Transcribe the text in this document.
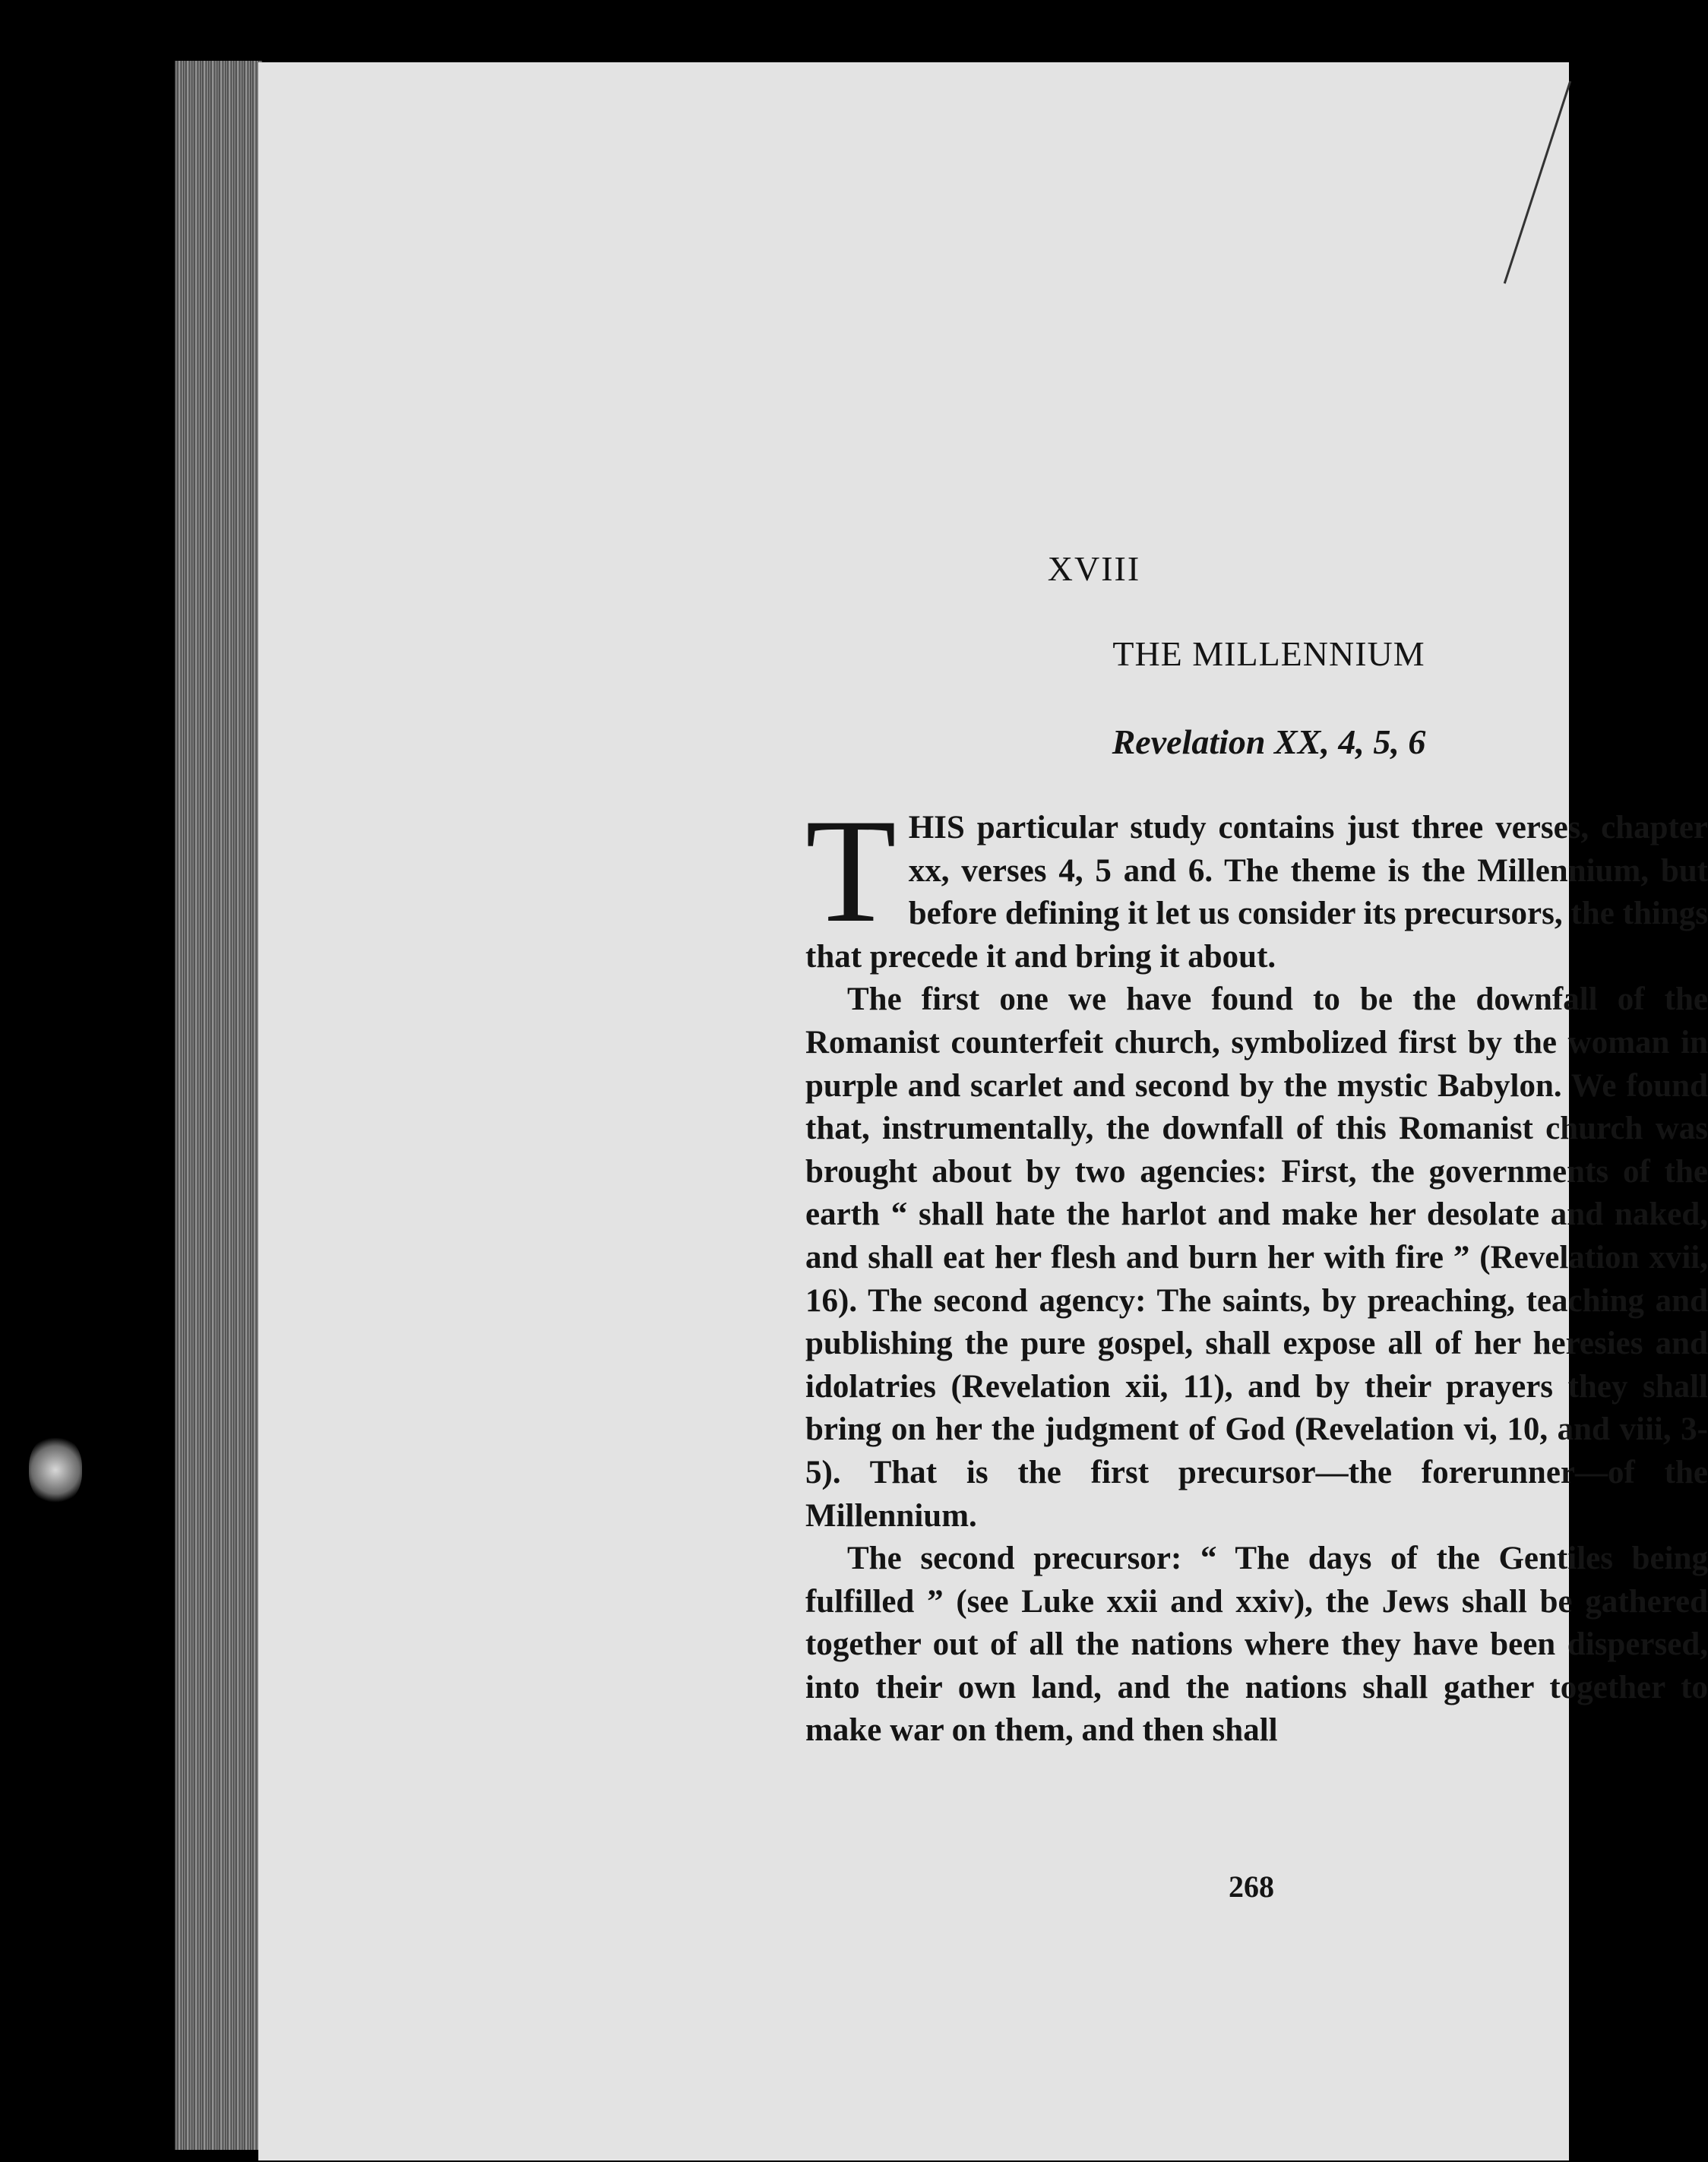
XVIII
THE MILLENNIUM
Revelation XX, 4, 5, 6

T HIS particular study contains just three verses, chapter xx, verses 4, 5 and 6. The theme is the Millennium, but before defining it let us consider its precursors, the things that precede it and bring it about.

The first one we have found to be the downfall of the Romanist counterfeit church, symbolized first by the woman in purple and scarlet and second by the mystic Babylon. We found that, instrumentally, the downfall of this Romanist church was brought about by two agencies: First, the governments of the earth “ shall hate the harlot and make her desolate and naked, and shall eat her flesh and burn her with fire ” (Revelation xvii, 16). The second agency: The saints, by preaching, teaching and publishing the pure gospel, shall expose all of her heresies and idolatries (Revelation xii, 11), and by their prayers they shall bring on her the judgment of God (Revelation vi, 10, and viii, 3-5). That is the first precursor—the forerunner—of the Millennium.

The second precursor: “ The days of the Gentiles being fulfilled ” (see Luke xxii and xxiv), the Jews shall be gathered together out of all the nations where they have been dispersed, into their own land, and the nations shall gather together to make war on them, and then shall

268
